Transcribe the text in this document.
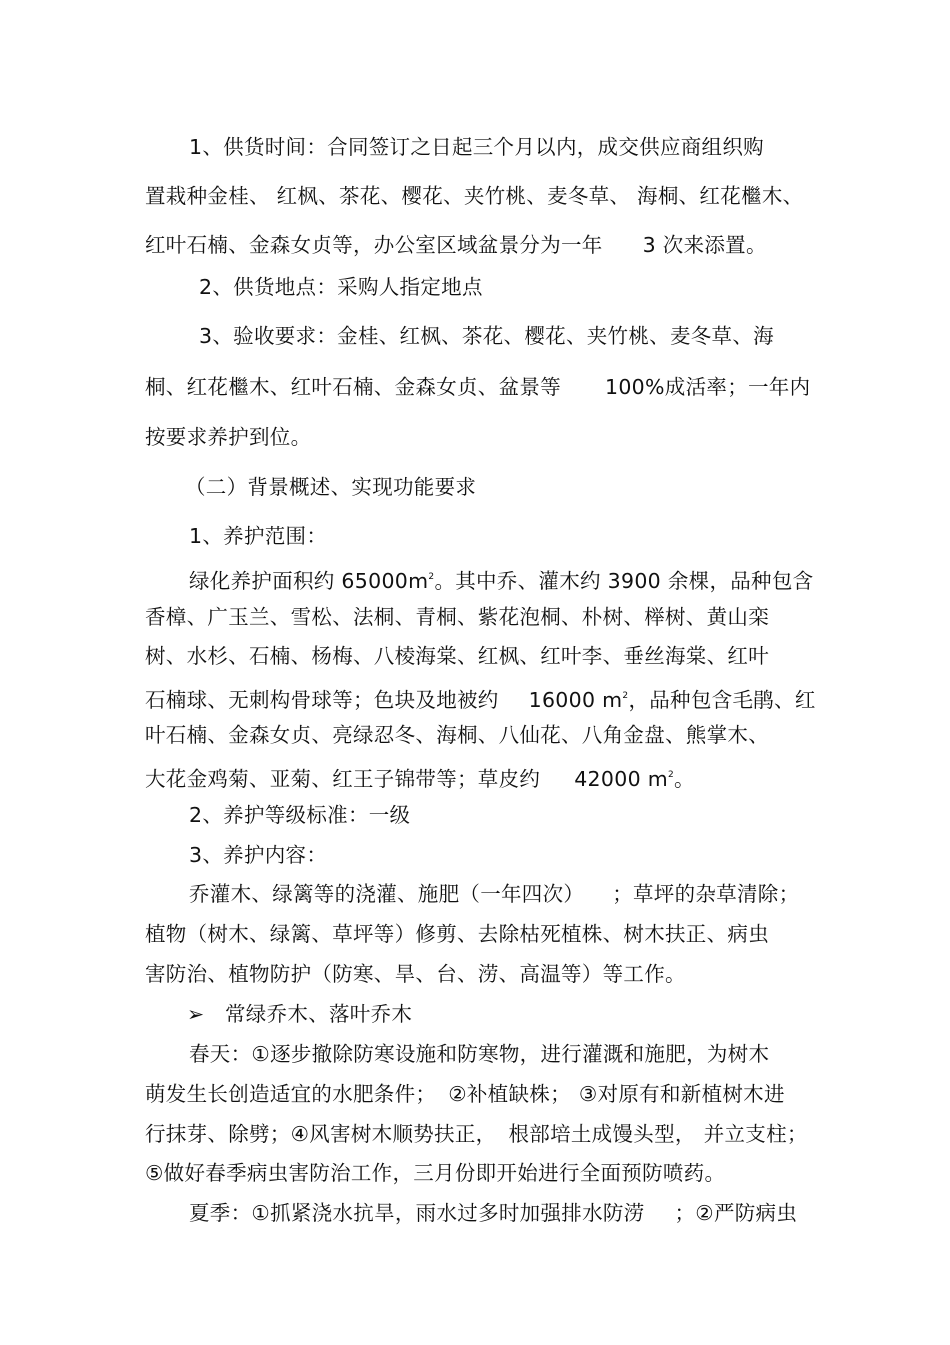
1、供货时间：合同签订之日起三个月以内，成交供应商组织购
置栽种金桂、 红枫、茶花、樱花、夹竹桃、麦冬草、 海桐、红花檵木、
红叶石楠、金森女贞等，办公室区域盆景分为一年 3 次来添置。
2、供货地点：采购人指定地点
3、验收要求：金桂、红枫、茶花、樱花、夹竹桃、麦冬草、海
桐、红花檵木、红叶石楠、金森女贞、盆景等 100%成活率；一年内
按要求养护到位。
（二）背景概述、实现功能要求
1、养护范围：
绿化养护面积约 $65000m^2$。其中乔、灌木约 3900 余棵，品种包含
香樟、广玉兰、雪松、法桐、青桐、紫花泡桐、朴树、榉树、黄山栾
树、水杉、石楠、杨梅、八棱海棠、红枫、红叶李、垂丝海棠、红叶
石楠球、无刺构骨球等；色块及地被约 16000 $m^2$，品种包含毛鹃、红
叶石楠、金森女贞、亮绿忍冬、海桐、八仙花、八角金盘、熊掌木、
大花金鸡菊、亚菊、红王子锦带等；草皮约 42000 $m^2$。
2、养护等级标准：一级
3、养护内容：
乔灌木、绿篱等的浇灌、施肥（一年四次） ；草坪的杂草清除；
植物（树木、绿篱、草坪等）修剪、去除枯死植株、树木扶正、病虫
害防治、植物防护（防寒、旱、台、涝、高温等）等工作。
➢ 常绿乔木、落叶乔木
春天：①逐步撤除防寒设施和防寒物，进行灌溉和施肥，为树木
萌发生长创造适宜的水肥条件； ②补植缺株； ③对原有和新植树木进
行抹芽、除劈；④风害树木顺势扶正， 根部培土成馒头型， 并立支柱；
⑤做好春季病虫害防治工作，三月份即开始进行全面预防喷药。
夏季：①抓紧浇水抗旱，雨水过多时加强排水防涝 ；②严防病虫
